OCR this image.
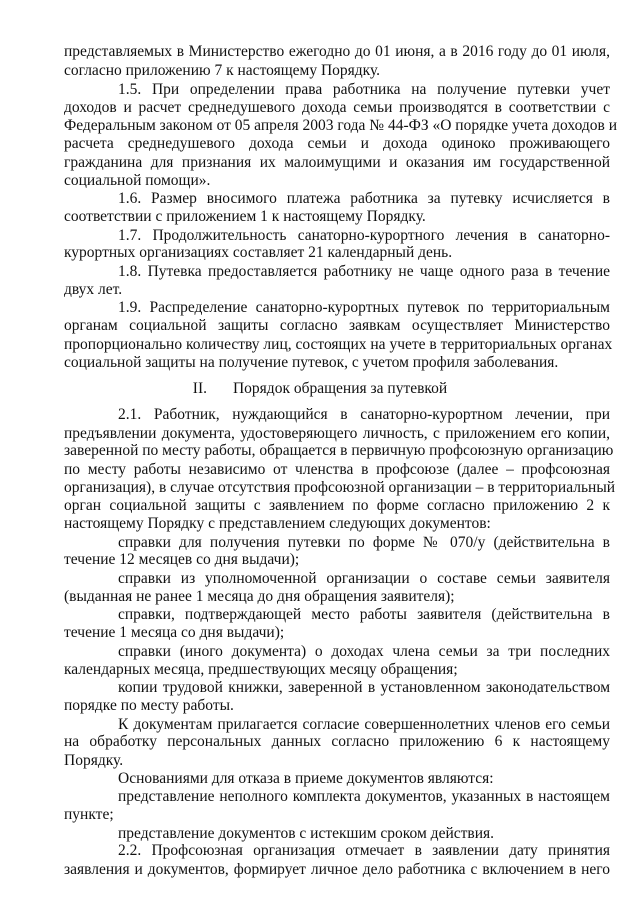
представляемых в Министерство ежегодно до 01 июня, а в 2016 году до 01 июля,
согласно приложению 7 к настоящему Порядку.
1.5. При определении права работника на получение путевки учет
доходов и расчет среднедушевого дохода семьи производятся в соответствии с
Федеральным законом от 05 апреля 2003 года № 44-ФЗ «О порядке учета доходов и
расчета среднедушевого дохода семьи и дохода одиноко проживающего
гражданина для признания их малоимущими и оказания им государственной
социальной помощи».
1.6. Размер вносимого платежа работника за путевку исчисляется в
соответствии с приложением 1 к настоящему Порядку.
1.7. Продолжительность санаторно-курортного лечения в санаторно-
курортных организациях составляет 21 календарный день.
1.8. Путевка предоставляется работнику не чаще одного раза в течение
двух лет.
1.9. Распределение санаторно-курортных путевок по территориальным
органам социальной защиты согласно заявкам осуществляет Министерство
пропорционально количеству лиц, состоящих на учете в территориальных органах
социальной защиты на получение путевок, с учетом профиля заболевания.
II. Порядок обращения за путевкой
2.1. Работник, нуждающийся в санаторно-курортном лечении, при
предъявлении документа, удостоверяющего личность, с приложением его копии,
заверенной по месту работы, обращается в первичную профсоюзную организацию
по месту работы независимо от членства в профсоюзе (далее – профсоюзная
организация), в случае отсутствия профсоюзной организации – в территориальный
орган социальной защиты с заявлением по форме согласно приложению 2 к
настоящему Порядку с представлением следующих документов:
справки для получения путевки по форме № 070/у (действительна в
течение 12 месяцев со дня выдачи);
справки из уполномоченной организации о составе семьи заявителя
(выданная не ранее 1 месяца до дня обращения заявителя);
справки, подтверждающей место работы заявителя (действительна в
течение 1 месяца со дня выдачи);
справки (иного документа) о доходах члена семьи за три последних
календарных месяца, предшествующих месяцу обращения;
копии трудовой книжки, заверенной в установленном законодательством
порядке по месту работы.
К документам прилагается согласие совершеннолетних членов его семьи
на обработку персональных данных согласно приложению 6 к настоящему
Порядку.
Основаниями для отказа в приеме документов являются:
представление неполного комплекта документов, указанных в настоящем
пункте;
представление документов с истекшим сроком действия.
2.2. Профсоюзная организация отмечает в заявлении дату принятия
заявления и документов, формирует личное дело работника с включением в него
